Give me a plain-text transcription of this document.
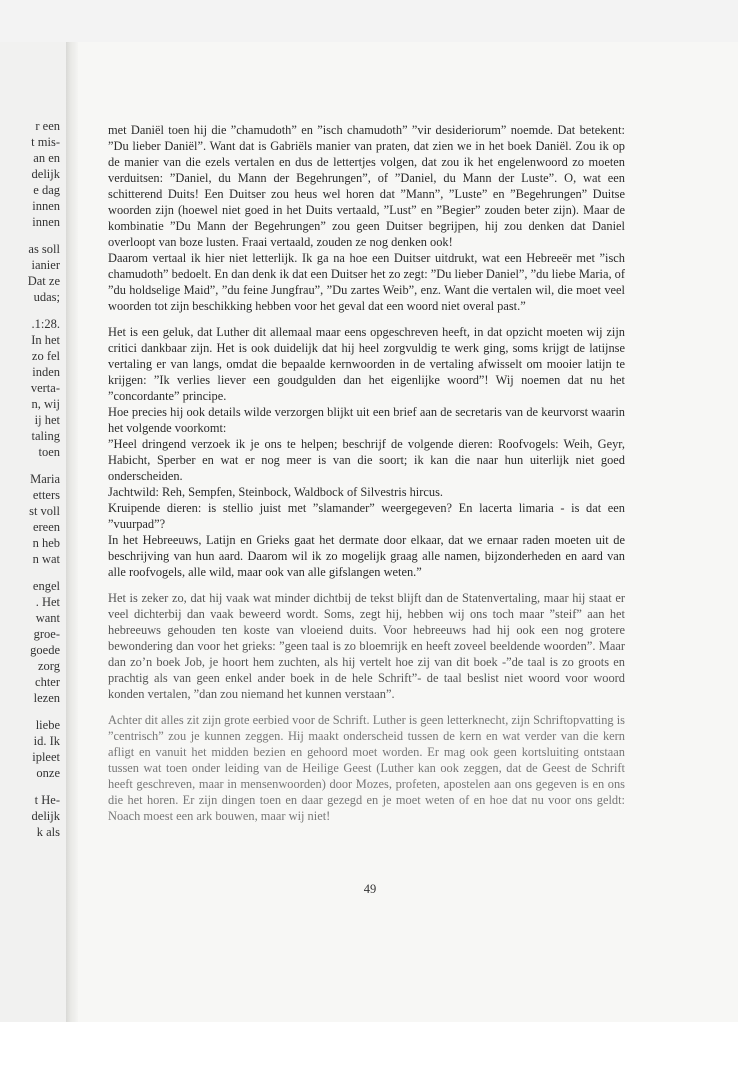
r een
t mis-
an en
delijk
e dag
innen
innen
as soll
ianier
Dat ze
udas;
.1:28.
In het
zo fel
inden
verta-
n, wij
ij het
taling
toen
Maria
etters
st voll
ereen
n heb
n wat
engel
. Het
want
groe-
goede
zorg
chter
lezen
liebe
id. Ik
ipleet
onze
t He-
delijk
k als

met Daniël toen hij die ”chamudoth” en ”isch chamudoth” ”vir desideriorum” noemde. Dat betekent: ”Du lieber Daniël”. Want dat is Gabriëls manier van praten, dat zien we in het boek Daniël. Zou ik op de manier van die ezels vertalen en dus de lettertjes volgen, dat zou ik het engelenwoord zo moeten verduitsen: ”Daniel, du Mann der Begehrungen”, of ”Daniel, du Mann der Luste”. O, wat een schitterend Duits! Een Duitser zou heus wel horen dat ”Mann”, ”Luste” en ”Begehrungen” Duitse woorden zijn (hoewel niet goed in het Duits vertaald, ”Lust” en ”Begier” zouden beter zijn). Maar de kombinatie ”Du Mann der Begehrungen” zou geen Duitser begrijpen, hij zou denken dat Daniel overloopt van boze lusten. Fraai vertaald, zouden ze nog denken ook!

Daarom vertaal ik hier niet letterlijk. Ik ga na hoe een Duitser uitdrukt, wat een Hebreeër met ”isch chamudoth” bedoelt. En dan denk ik dat een Duitser het zo zegt: ”Du lieber Daniel”, ”du liebe Maria, of ”du holdselige Maid”, ”du feine Jungfrau”, ”Du zartes Weib”, enz. Want die vertalen wil, die moet veel woorden tot zijn beschikking hebben voor het geval dat een woord niet overal past.”

Het is een geluk, dat Luther dit allemaal maar eens opgeschreven heeft, in dat opzicht moeten wij zijn critici dankbaar zijn. Het is ook duidelijk dat hij heel zorgvuldig te werk ging, soms krijgt de latijnse vertaling er van langs, omdat die bepaalde kernwoorden in de vertaling afwisselt om mooier latijn te krijgen: ”Ik verlies liever een goudgulden dan het eigenlijke woord”! Wij noemen dat nu het ”concordante” principe.

Hoe precies hij ook details wilde verzorgen blijkt uit een brief aan de secretaris van de keurvorst waarin het volgende voorkomt:

”Heel dringend verzoek ik je ons te helpen; beschrijf de volgende dieren: Roofvogels: Weih, Geyr, Habicht, Sperber en wat er nog meer is van die soort; ik kan die naar hun uiterlijk niet goed onderscheiden.

Jachtwild: Reh, Sempfen, Steinbock, Waldbock of Silvestris hircus.

Kruipende dieren: is stellio juist met ”slamander” weergegeven? En lacerta limaria - is dat een ”vuurpad”?

In het Hebreeuws, Latijn en Grieks gaat het dermate door elkaar, dat we ernaar raden moeten uit de beschrijving van hun aard. Daarom wil ik zo mogelijk graag alle namen, bijzonderheden en aard van alle roofvogels, alle wild, maar ook van alle gifslangen weten.”

Het is zeker zo, dat hij vaak wat minder dichtbij de tekst blijft dan de Statenvertaling, maar hij staat er veel dichterbij dan vaak beweerd wordt. Soms, zegt hij, hebben wij ons toch maar ”steif” aan het hebreeuws gehouden ten koste van vloeiend duits. Voor hebreeuws had hij ook een nog grotere bewondering dan voor het grieks: ”geen taal is zo bloemrijk en heeft zoveel beeldende woorden”. Maar dan zo’n boek Job, je hoort hem zuchten, als hij vertelt hoe zij van dit boek -”de taal is zo groots en prachtig als van geen enkel ander boek in de hele Schrift”- de taal beslist niet woord voor woord konden vertalen, ”dan zou niemand het kunnen verstaan”.

Achter dit alles zit zijn grote eerbied voor de Schrift. Luther is geen letterknecht, zijn Schriftopvatting is ”centrisch” zou je kunnen zeggen. Hij maakt onderscheid tussen de kern en wat verder van die kern afligt en vanuit het midden bezien en gehoord moet worden. Er mag ook geen kortsluiting ontstaan tussen wat toen onder leiding van de Heilige Geest (Luther kan ook zeggen, dat de Geest de Schrift heeft geschreven, maar in mensenwoorden) door Mozes, profeten, apostelen aan ons gegeven is en ons die het horen. Er zijn dingen toen en daar gezegd en je moet weten of en hoe dat nu voor ons geldt: Noach moest een ark bouwen, maar wij niet!

49
